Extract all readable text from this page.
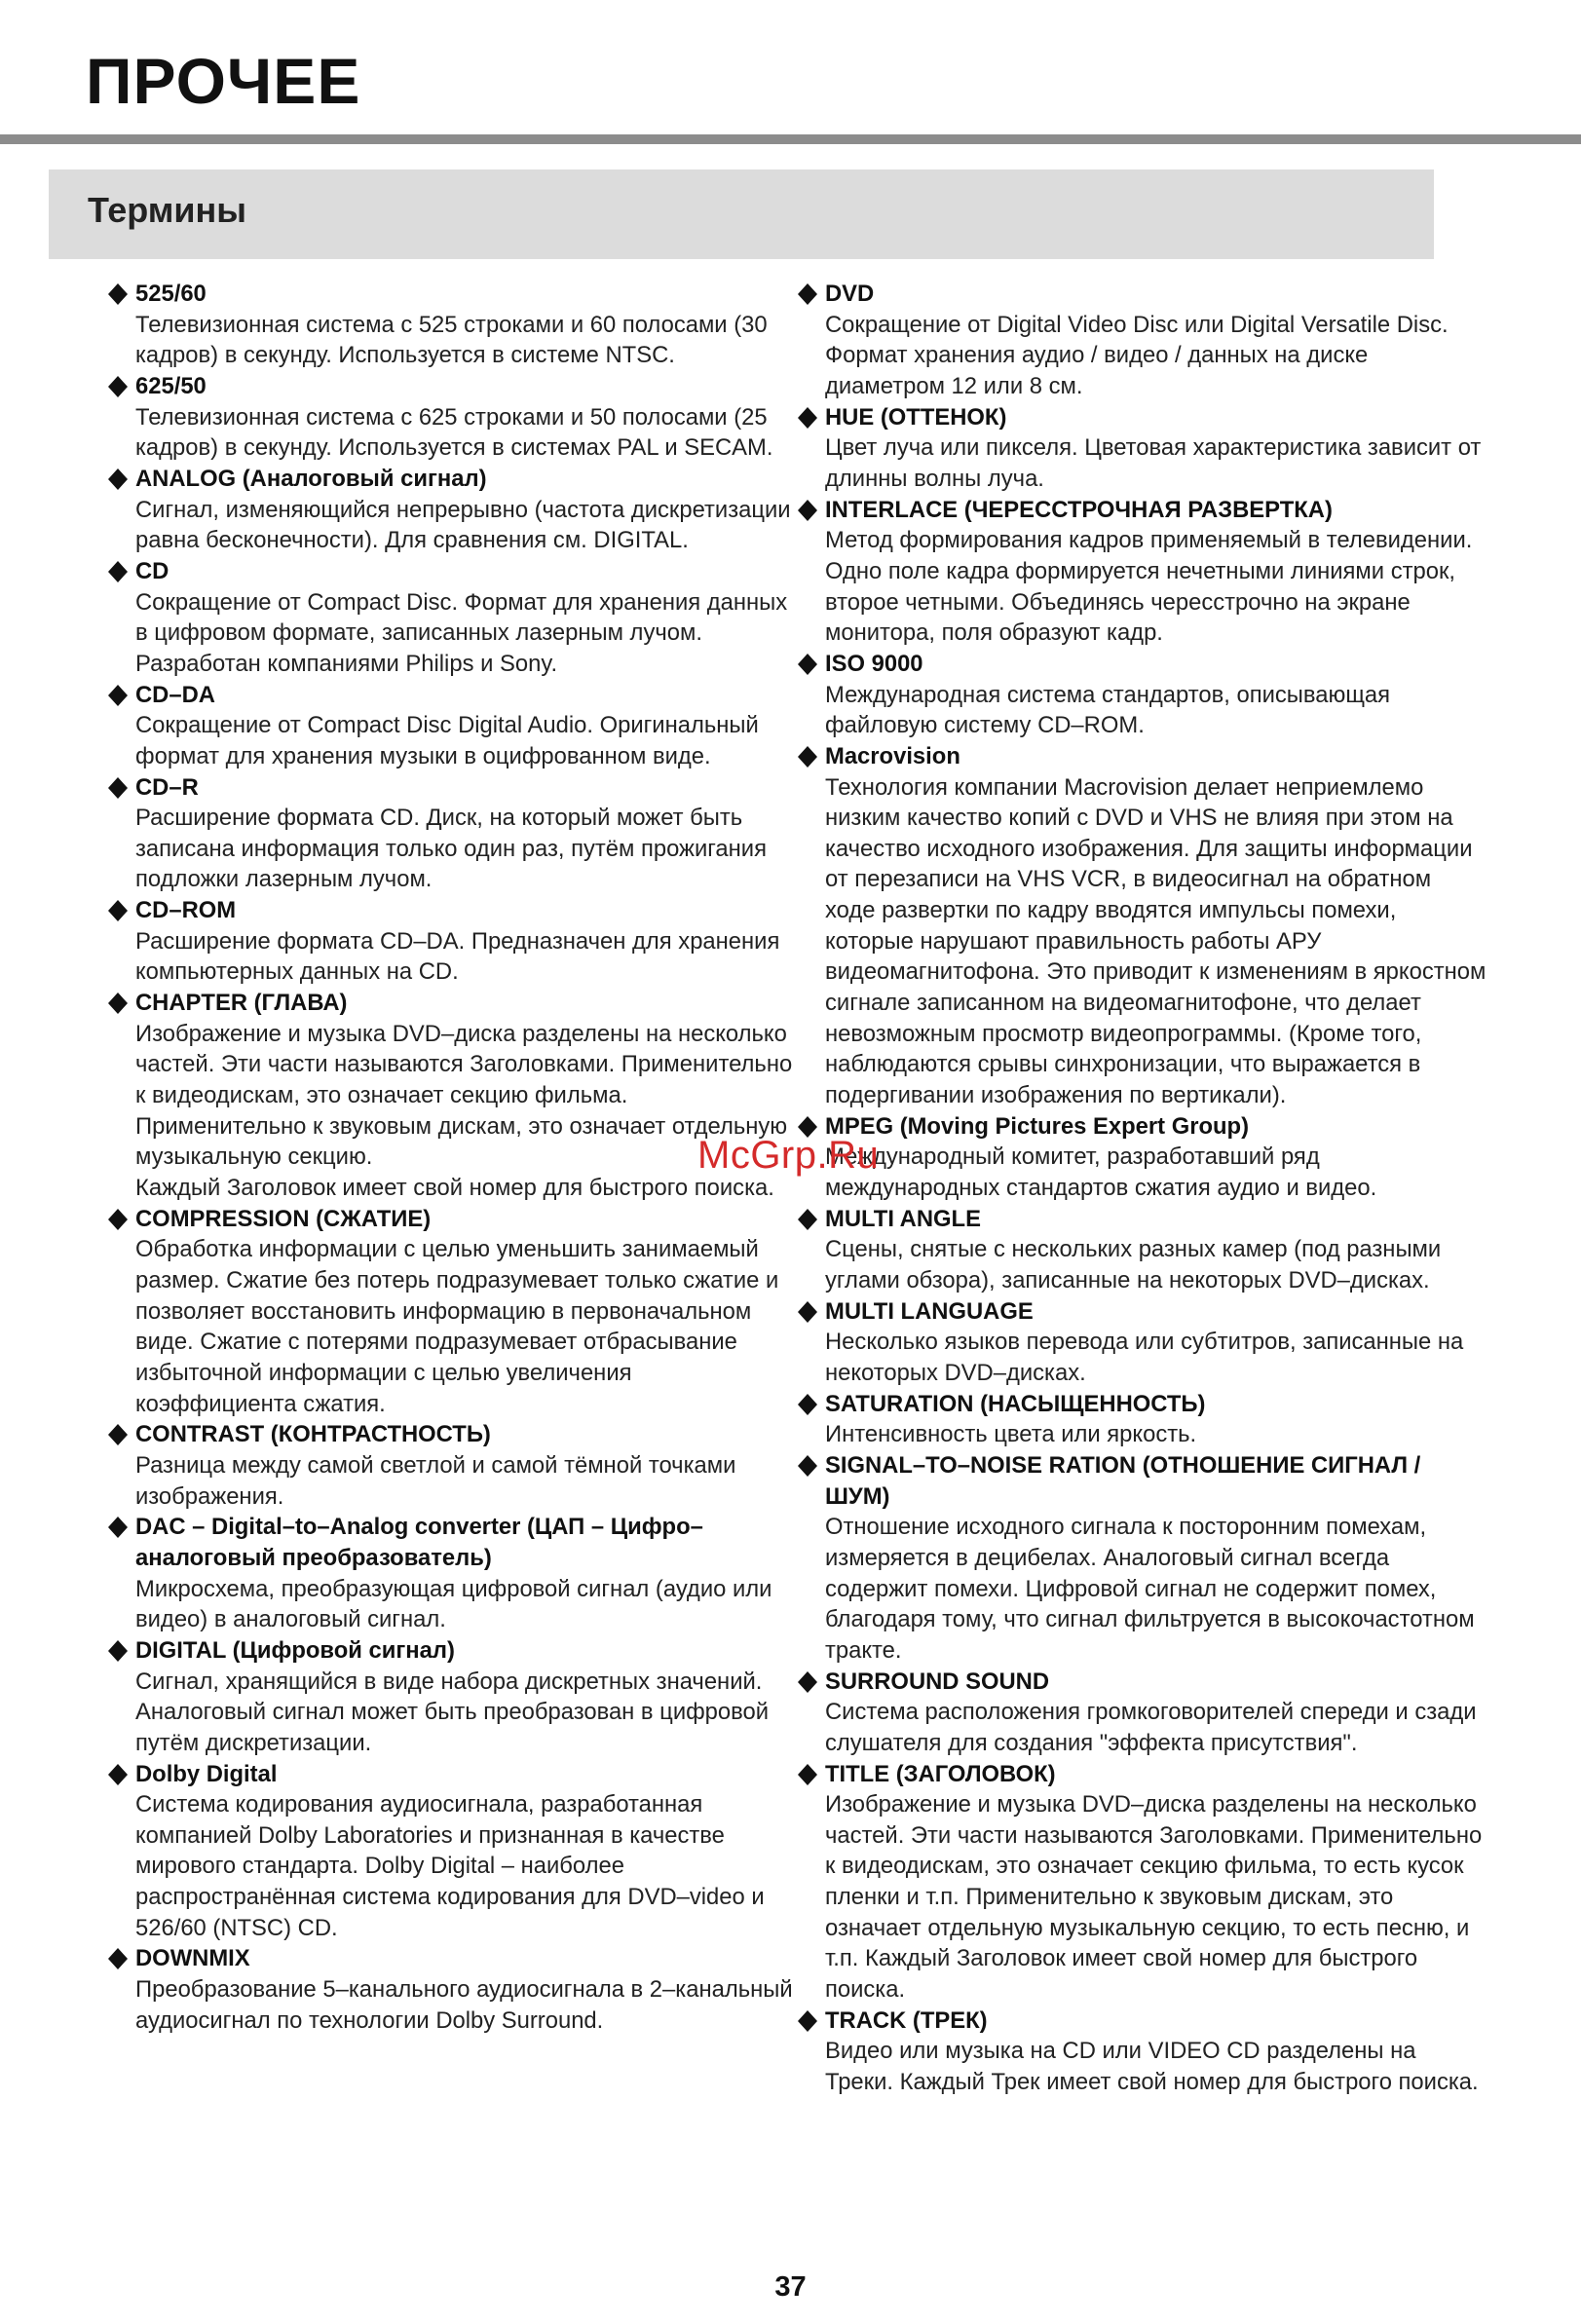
ПРОЧЕЕ
Термины
525/60
Телевизионная система с 525 строками и 60 полосами (30 кадров) в секунду. Используется в системе NTSC.
625/50
Телевизионная система с 625 строками и 50 полосами (25 кадров) в секунду. Используется в системах PAL и SECAM.
ANALOG (Аналоговый сигнал)
Сигнал, изменяющийся непрерывно (частота дискретизации равна бесконечности). Для сравнения см. DIGITAL.
CD
Сокращение от Compact Disc. Формат для хранения данных в цифровом формате, записанных лазерным лучом. Разработан компаниями Philips и Sony.
CD–DA
Сокращение от Compact Disc Digital Audio. Оригинальный формат для хранения музыки в оцифрованном виде.
CD–R
Расширение формата CD. Диск, на который может быть записана информация только один раз, путём прожигания подложки лазерным лучом.
CD–ROM
Расширение формата CD–DA. Предназначен для хранения компьютерных данных на CD.
CHAPTER (ГЛАВА)
Изображение и музыка DVD–диска разделены на несколько частей. Эти части называются Заголовками. Применительно к видеодискам, это означает секцию фильма.
Применительно к звуковым дискам, это означает отдельную музыкальную секцию.
Каждый Заголовок имеет свой номер для быстрого поиска.
COMPRESSION (СЖАТИЕ)
Обработка информации с целью уменьшить занимаемый размер. Сжатие без потерь подразумевает только сжатие и позволяет восстановить информацию в первоначальном виде. Сжатие с потерями подразумевает отбрасывание избыточной информации с целью увеличения коэффициента сжатия.
CONTRAST (КОНТРАСТНОСТЬ)
Разница между самой светлой и самой тёмной точками изображения.
DAC – Digital–to–Analog converter (ЦАП – Цифро–аналоговый преобразователь)
Микросхема, преобразующая цифровой сигнал (аудио или видео) в аналоговый сигнал.
DIGITAL (Цифровой сигнал)
Сигнал, хранящийся в виде набора дискретных значений. Аналоговый сигнал может быть преобразован в цифровой путём дискретизации.
Dolby Digital
Система кодирования аудиосигнала, разработанная компанией Dolby Laboratories и признанная в качестве мирового стандарта. Dolby Digital – наиболее распространённая система кодирования для DVD–video и 526/60 (NTSC) CD.
DOWNMIX
Преобразование 5–канального аудиосигнала в 2–канальный аудиосигнал по технологии Dolby Surround.
DVD
Сокращение от Digital Video Disc или Digital Versatile Disc. Формат хранения аудио / видео / данных на диске диаметром 12 или 8 см.
HUE (ОТТЕНОК)
Цвет луча или пикселя. Цветовая характеристика зависит от длинны волны луча.
INTERLACE (ЧЕРЕССТРОЧНАЯ РАЗВЕРТКА)
Метод формирования кадров применяемый в телевидении. Одно поле кадра формируется нечетными линиями строк, второе четными. Объединясь чересстрочно на экране монитора, поля образуют кадр.
ISO 9000
Международная система стандартов, описывающая файловую систему CD–ROM.
Macrovision
Технология компании Macrovision делает неприемлемо низким качество копий с DVD и VHS не влияя при этом на качество исходного изображения. Для защиты информации от перезаписи на VHS VCR, в видеосигнал на обратном ходе развертки по кадру вводятся импульсы помехи, которые нарушают правильность работы АРУ видеомагнитофона. Это приводит к изменениям в яркостном сигнале записанном на видеомагнитофоне, что делает невозможным просмотр видеопрограммы. (Кроме того, наблюдаются срывы синхронизации, что выражается в подергивании изображения по вертикали).
MPEG (Moving Pictures Expert Group)
Международный комитет, разработавший ряд международных стандартов сжатия аудио и видео.
MULTI ANGLE
Сцены, снятые с нескольких разных камер (под разными углами обзора), записанные на некоторых DVD–дисках.
MULTI LANGUAGE
Несколько языков перевода или субтитров, записанные на некоторых DVD–дисках.
SATURATION (НАСЫЩЕННОСТЬ)
Интенсивность цвета или яркость.
SIGNAL–TO–NOISE RATION (ОТНОШЕНИЕ СИГНАЛ / ШУМ)
Отношение исходного сигнала к посторонним помехам, измеряется в децибелах. Аналоговый сигнал всегда содержит помехи. Цифровой сигнал не содержит помех, благодаря тому, что сигнал фильтруется в высокочастотном тракте.
SURROUND SOUND
Система расположения громкоговорителей спереди и сзади слушателя для создания "эффекта присутствия".
TITLE (ЗАГОЛОВОК)
Изображение и музыка DVD–диска разделены на несколько частей. Эти части называются Заголовками. Применительно к видеодискам, это означает секцию фильма, то есть кусок пленки и т.п. Применительно к звуковым дискам, это означает отдельную музыкальную секцию, то есть песню, и т.п. Каждый Заголовок имеет свой номер для быстрого поиска.
TRACK (ТРЕК)
Видео или музыка на CD или VIDEO CD разделены на Треки. Каждый Трек имеет свой номер для быстрого поиска.
McGrp.Ru
37
